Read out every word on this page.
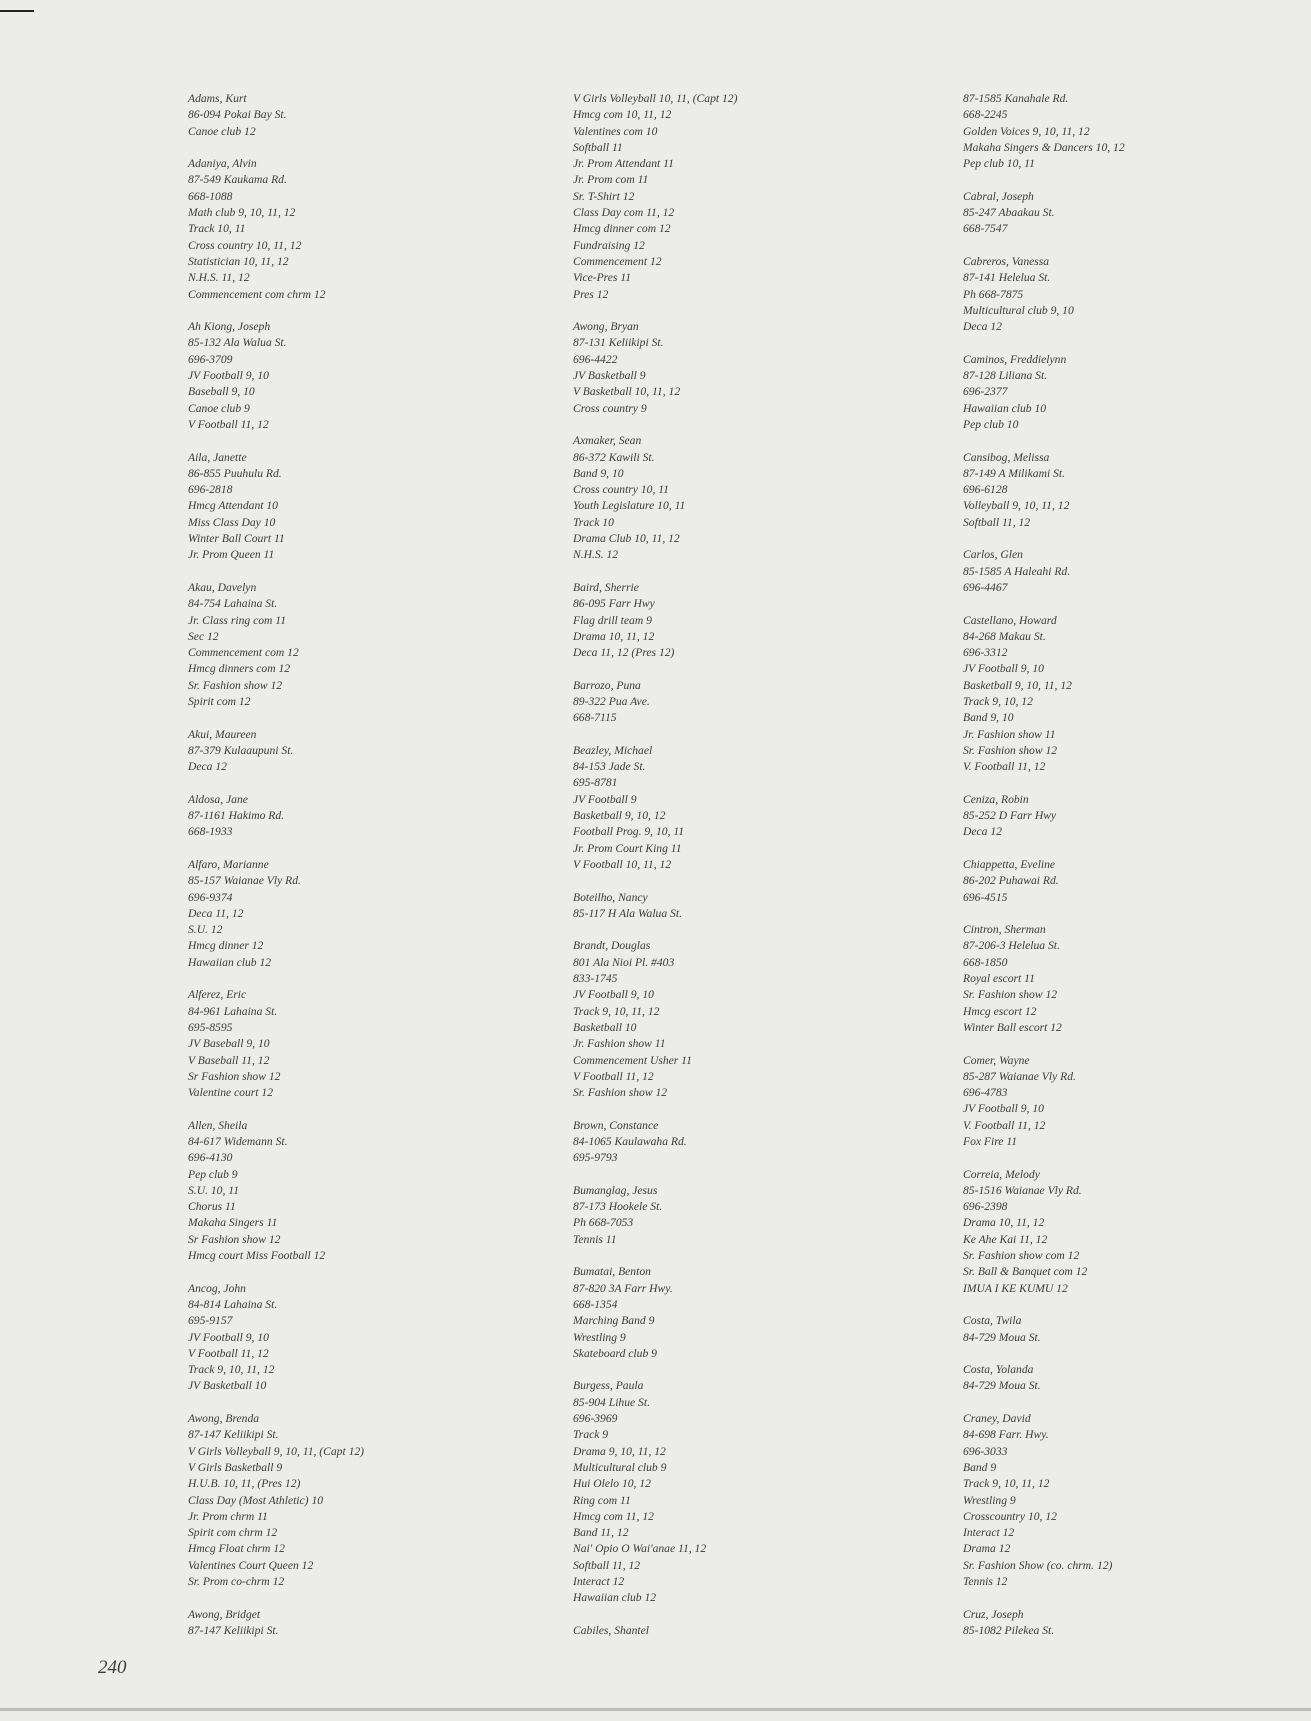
Adams, Kurt
86-094 Pokai Bay St.
Canoe club 12
Adaniya, Alvin
87-549 Kaukama Rd.
668-1088
Math club 9, 10, 11, 12
Track 10, 11
Cross country 10, 11, 12
Statistician 10, 11, 12
N.H.S. 11, 12
Commencement com chrm 12
Ah Kiong, Joseph
85-132 Ala Walua St.
696-3709
JV Football 9, 10
Baseball 9, 10
Canoe club 9
V Football 11, 12
Aila, Janette
86-855 Puuhulu Rd.
696-2818
Hmcg Attendant 10
Miss Class Day 10
Winter Ball Court 11
Jr. Prom Queen 11
Akau, Davelyn
84-754 Lahaina St.
Jr. Class ring com 11
Sec 12
Commencement com 12
Hmcg dinners com 12
Sr. Fashion show 12
Spirit com 12
Akui, Maureen
87-379 Kulaaupuni St.
Deca 12
Aldosa, Jane
87-1161 Hakimo Rd.
668-1933
Alfaro, Marianne
85-157 Waianae Vly Rd.
696-9374
Deca 11, 12
S.U. 12
Hmcg dinner 12
Hawaiian club 12
Alferez, Eric
84-961 Lahaina St.
695-8595
JV Baseball 9, 10
V Baseball 11, 12
Sr Fashion show 12
Valentine court 12
Allen, Sheila
84-617 Widemann St.
696-4130
Pep club 9
S.U. 10, 11
Chorus 11
Makaha Singers 11
Sr Fashion show 12
Hmcg court Miss Football 12
Ancog, John
84-814 Lahaina St.
695-9157
JV Football 9, 10
V Football 11, 12
Track 9, 10, 11, 12
JV Basketball 10
Awong, Brenda
87-147 Keliikipi St.
V Girls Volleyball 9, 10, 11, (Capt 12)
V Girls Basketball 9
H.U.B. 10, 11, (Pres 12)
Class Day (Most Athletic) 10
Jr. Prom chrm 11
Spirit com chrm 12
Hmcg Float chrm 12
Valentines Court Queen 12
Sr. Prom co-chrm 12
Awong, Bridget
87-147 Keliikipi St.
V Girls Volleyball 10, 11, (Capt 12)
Hmcg com 10, 11, 12
Valentines com 10
Softball 11
Jr. Prom Attendant 11
Jr. Prom com 11
Sr. T-Shirt 12
Class Day com 11, 12
Hmcg dinner com 12
Fundraising 12
Commencement 12
Vice-Pres 11
Pres 12
Awong, Bryan
87-131 Keliikipi St.
696-4422
JV Basketball 9
V Basketball 10, 11, 12
Cross country 9
Axmaker, Sean
86-372 Kawili St.
Band 9, 10
Cross country 10, 11
Youth Legislature 10, 11
Track 10
Drama Club 10, 11, 12
N.H.S. 12
Baird, Sherrie
86-095 Farr Hwy
Flag drill team 9
Drama 10, 11, 12
Deca 11, 12 (Pres 12)
Barrozo, Puna
89-322 Pua Ave.
668-7115
Beazley, Michael
84-153 Jade St.
695-8781
JV Football 9
Basketball 9, 10, 12
Football Prog. 9, 10, 11
Jr. Prom Court King 11
V Football 10, 11, 12
Boteilho, Nancy
85-117 H Ala Walua St.
Brandt, Douglas
801 Ala Nioi Pl. #403
833-1745
JV Football 9, 10
Track 9, 10, 11, 12
Basketball 10
Jr. Fashion show 11
Commencement Usher 11
V Football 11, 12
Sr. Fashion show 12
Brown, Constance
84-1065 Kaulawaha Rd.
695-9793
Bumanglag, Jesus
87-173 Hookele St.
Ph 668-7053
Tennis 11
Bumatai, Benton
87-820 3A Farr Hwy.
668-1354
Marching Band 9
Wrestling 9
Skateboard club 9
Burgess, Paula
85-904 Lihue St.
696-3969
Track 9
Drama 9, 10, 11, 12
Multicultural club 9
Hui Olelo 10, 12
Ring com 11
Hmcg com 11, 12
Band 11, 12
Nai' Opio O Wai'anae 11, 12
Softball 11, 12
Interact 12
Hawaiian club 12
Cabiles, Shantel
87-1585 Kanahale Rd.
668-2245
Golden Voices 9, 10, 11, 12
Makaha Singers & Dancers 10, 12
Pep club 10, 11
Cabral, Joseph
85-247 Abaakau St.
668-7547
Cabreros, Vanessa
87-141 Helelua St.
Ph 668-7875
Multicultural club 9, 10
Deca 12
Caminos, Freddielynn
87-128 Liliana St.
696-2377
Hawaiian club 10
Pep club 10
Cansibog, Melissa
87-149 A Milikami St.
696-6128
Volleyball 9, 10, 11, 12
Softball 11, 12
Carlos, Glen
85-1585 A Haleahi Rd.
696-4467
Castellano, Howard
84-268 Makau St.
696-3312
JV Football 9, 10
Basketball 9, 10, 11, 12
Track 9, 10, 12
Band 9, 10
Jr. Fashion show 11
Sr. Fashion show 12
V. Football 11, 12
Ceniza, Robin
85-252 D Farr Hwy
Deca 12
Chiappetta, Eveline
86-202 Puhawai Rd.
696-4515
Cintron, Sherman
87-206-3 Helelua St.
668-1850
Royal escort 11
Sr. Fashion show 12
Hmcg escort 12
Winter Ball escort 12
Comer, Wayne
85-287 Waianae Vly Rd.
696-4783
JV Football 9, 10
V. Football 11, 12
Fox Fire 11
Correia, Melody
85-1516 Waianae Vly Rd.
696-2398
Drama 10, 11, 12
Ke Ahe Kai 11, 12
Sr. Fashion show com 12
Sr. Ball & Banquet com 12
IMUA I KE KUMU 12
Costa, Twila
84-729 Moua St.
Costa, Yolanda
84-729 Moua St.
Craney, David
84-698 Farr. Hwy.
696-3033
Band 9
Track 9, 10, 11, 12
Wrestling 9
Crosscountry 10, 12
Interact 12
Drama 12
Sr. Fashion Show (co. chrm. 12)
Tennis 12
Cruz, Joseph
85-1082 Pilekea St.
240
